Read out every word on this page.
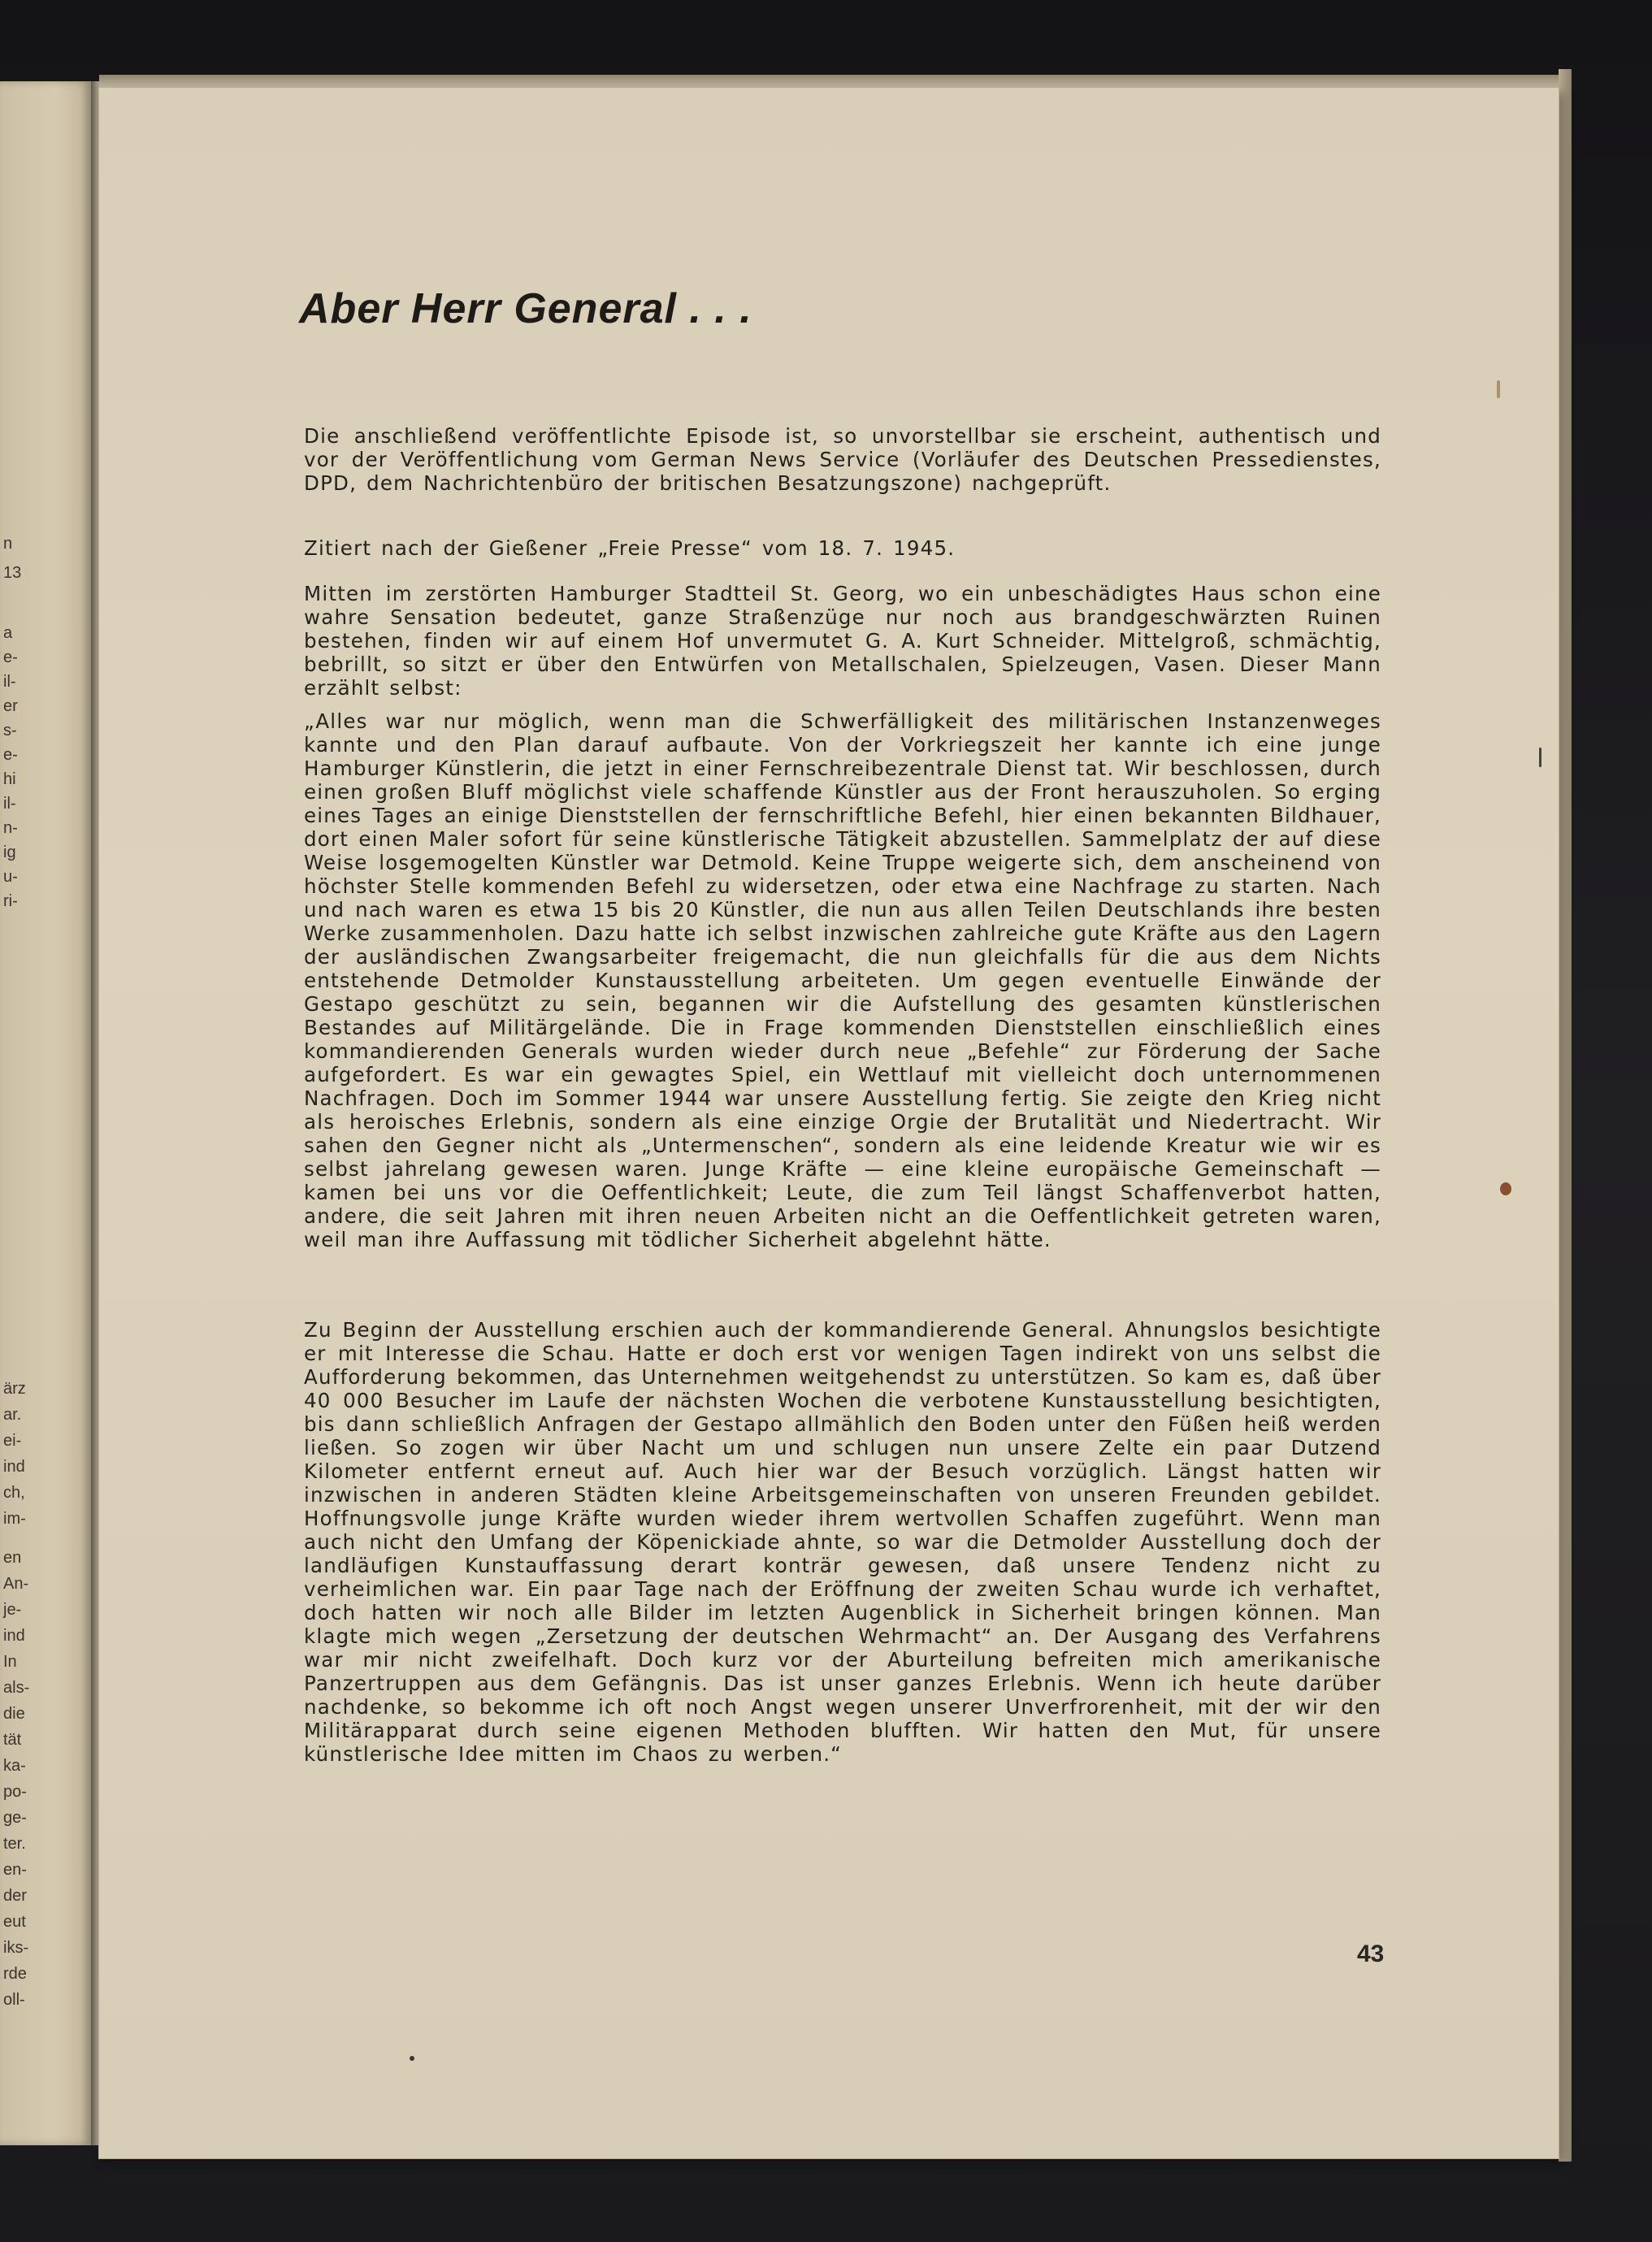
n
13
a
e-
il-
er
s-
e-
hi
il-
n-
ig
u-
ri-
ärz
ar.
ei-
ind
ch,
im-
en
An-
je-
ind
In
als-
die
tät
ka-
po-
ge-
ter.
en-
der
eut
iks-
rde
oll-
Aber Herr General . . .

Die anschließend veröffentlichte Episode ist, so unvorstellbar sie erscheint, authentisch und vor der Veröffentlichung vom German News Service (Vorläufer des Deutschen Pressedienstes, DPD, dem Nachrichtenbüro der britischen Besatzungszone) nachgeprüft.

Zitiert nach der Gießener „Freie Presse“ vom 18. 7. 1945.

Mitten im zerstörten Hamburger Stadtteil St. Georg, wo ein unbeschädigtes Haus schon eine wahre Sensation bedeutet, ganze Straßenzüge nur noch aus brandgeschwärzten Ruinen bestehen, finden wir auf einem Hof unvermutet G. A. Kurt Schneider. Mittelgroß, schmächtig, bebrillt, so sitzt er über den Entwürfen von Metallschalen, Spielzeugen, Vasen. Dieser Mann erzählt selbst:

„Alles war nur möglich, wenn man die Schwerfälligkeit des militärischen Instanzenweges kannte und den Plan darauf aufbaute. Von der Vorkriegszeit her kannte ich eine junge Hamburger Künstlerin, die jetzt in einer Fernschreibezentrale Dienst tat. Wir beschlossen, durch einen großen Bluff möglichst viele schaffende Künstler aus der Front herauszuholen. So erging eines Tages an einige Dienststellen der fernschriftliche Befehl, hier einen bekannten Bildhauer, dort einen Maler sofort für seine künstlerische Tätigkeit abzustellen. Sammelplatz der auf diese Weise losgemogelten Künstler war Detmold. Keine Truppe weigerte sich, dem anscheinend von höchster Stelle kommenden Befehl zu widersetzen, oder etwa eine Nachfrage zu starten. Nach und nach waren es etwa 15 bis 20 Künstler, die nun aus allen Teilen Deutschlands ihre besten Werke zusammenholen. Dazu hatte ich selbst inzwischen zahlreiche gute Kräfte aus den Lagern der ausländischen Zwangsarbeiter freigemacht, die nun gleichfalls für die aus dem Nichts entstehende Detmolder Kunstausstellung arbeiteten. Um gegen eventuelle Einwände der Gestapo geschützt zu sein, begannen wir die Aufstellung des gesamten künstlerischen Bestandes auf Militärgelände. Die in Frage kommenden Dienststellen einschließlich eines kommandierenden Generals wurden wieder durch neue „Befehle“ zur Förderung der Sache aufgefordert. Es war ein gewagtes Spiel, ein Wettlauf mit vielleicht doch unternommenen Nachfragen. Doch im Sommer 1944 war unsere Ausstellung fertig. Sie zeigte den Krieg nicht als heroisches Erlebnis, sondern als eine einzige Orgie der Brutalität und Niedertracht. Wir sahen den Gegner nicht als „Untermenschen“, sondern als eine leidende Kreatur wie wir es selbst jahrelang gewesen waren. Junge Kräfte — eine kleine europäische Gemeinschaft — kamen bei uns vor die Oeffentlichkeit; Leute, die zum Teil längst Schaffenverbot hatten, andere, die seit Jahren mit ihren neuen Arbeiten nicht an die Oeffentlichkeit getreten waren, weil man ihre Auffassung mit tödlicher Sicherheit abgelehnt hätte.

Zu Beginn der Ausstellung erschien auch der kommandierende General. Ahnungslos besichtigte er mit Interesse die Schau. Hatte er doch erst vor wenigen Tagen indirekt von uns selbst die Aufforderung bekommen, das Unternehmen weitgehendst zu unterstützen. So kam es, daß über 40 000 Besucher im Laufe der nächsten Wochen die verbotene Kunstausstellung besichtigten, bis dann schließlich Anfragen der Gestapo allmählich den Boden unter den Füßen heiß werden ließen. So zogen wir über Nacht um und schlugen nun unsere Zelte ein paar Dutzend Kilometer entfernt erneut auf. Auch hier war der Besuch vorzüglich. Längst hatten wir inzwischen in anderen Städten kleine Arbeitsgemeinschaften von unseren Freunden gebildet. Hoffnungsvolle junge Kräfte wurden wieder ihrem wertvollen Schaffen zugeführt. Wenn man auch nicht den Umfang der Köpenickiade ahnte, so war die Detmolder Ausstellung doch der landläufigen Kunstauffassung derart konträr gewesen, daß unsere Tendenz nicht zu verheimlichen war. Ein paar Tage nach der Eröffnung der zweiten Schau wurde ich verhaftet, doch hatten wir noch alle Bilder im letzten Augenblick in Sicherheit bringen können. Man klagte mich wegen „Zersetzung der deutschen Wehrmacht“ an. Der Ausgang des Verfahrens war mir nicht zweifelhaft. Doch kurz vor der Aburteilung befreiten mich amerikanische Panzertruppen aus dem Gefängnis. Das ist unser ganzes Erlebnis. Wenn ich heute darüber nachdenke, so bekomme ich oft noch Angst wegen unserer Unverfrorenheit, mit der wir den Militärapparat durch seine eigenen Methoden blufften. Wir hatten den Mut, für unsere künstlerische Idee mitten im Chaos zu werben.“

43
